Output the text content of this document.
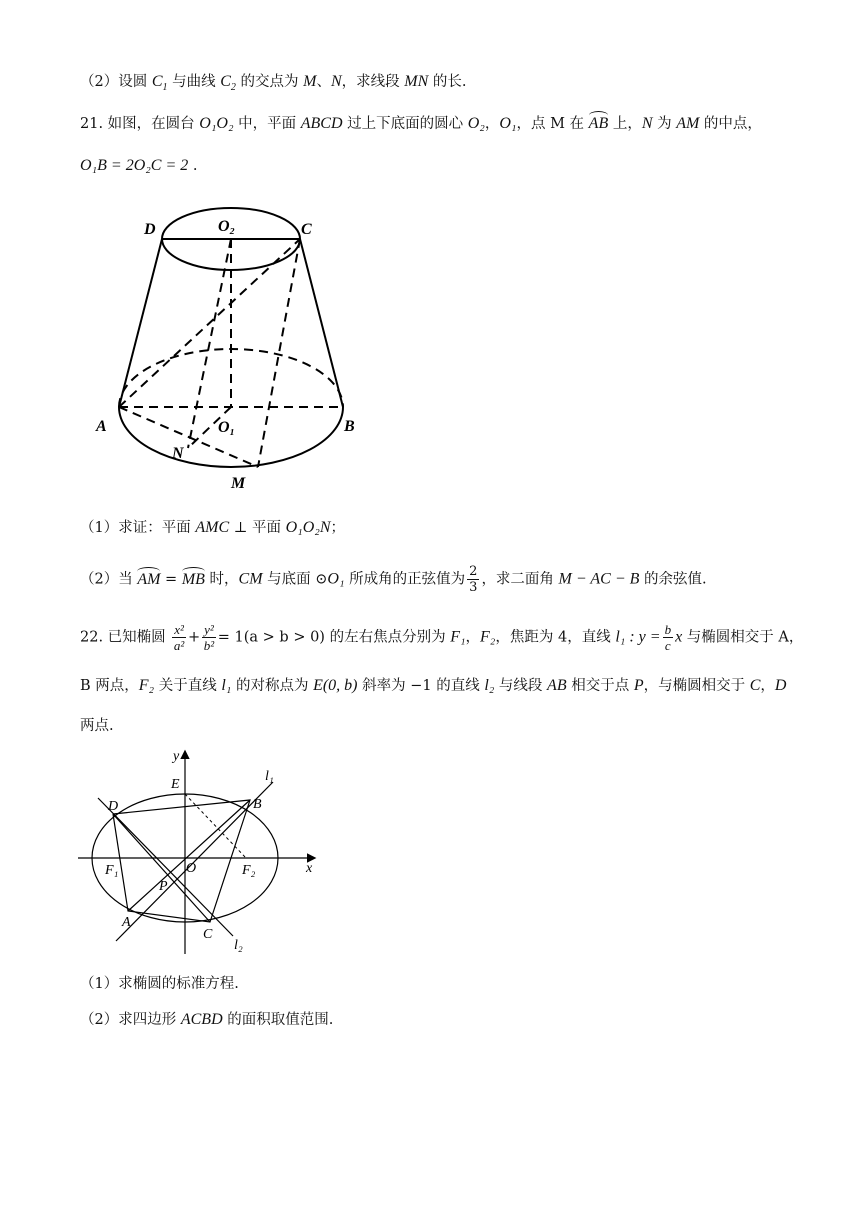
（2）设圆 $C_1$ 与曲线 $C_2$ 的交点为 M、N，求线段 MN 的长.
21. 如图，在圆台 O₁O₂ 中，平面 ABCD 过上下底面的圆心 O₂，O₁，点 M 在 AB 上，N 为 AM 的中点，
O₁B = 2O₂C = 2 .
D	O₂	C
A	O₁	B
N
M
（1）求证：平面 AMC ⊥ 平面 O₁O₂N；
（2）当 AM = MB 时，CM 与底面 ⊙O₁ 所成角的正弦值为 $\frac{2}{3}$ ，求二面角 M − AC − B 的余弦值.
22. 已知椭圆 $\frac{\text{x²}}{\text{a²}} + \frac{\text{y²}}{\text{b²}} = 1(a > b > 0)$ 的左右焦点分别为 F₁，F₂，焦距为 4，直线 l₁ : $y = \frac{b}{c}$ x 与椭圆相交于 A，
B 两点，F₂ 关于直线 l₁ 的对称点为 E(0, b) 斜率为 −1 的直线 l₂ 与线段 AB 相交于点 P，与椭圆相交于 C，D
两点.
y
E
l₁
D	B
F₁	O	F₂	x
P
A
C
l₂
（1）求椭圆的标准方程.
（2）求四边形 ACBD 的面积取值范围.
